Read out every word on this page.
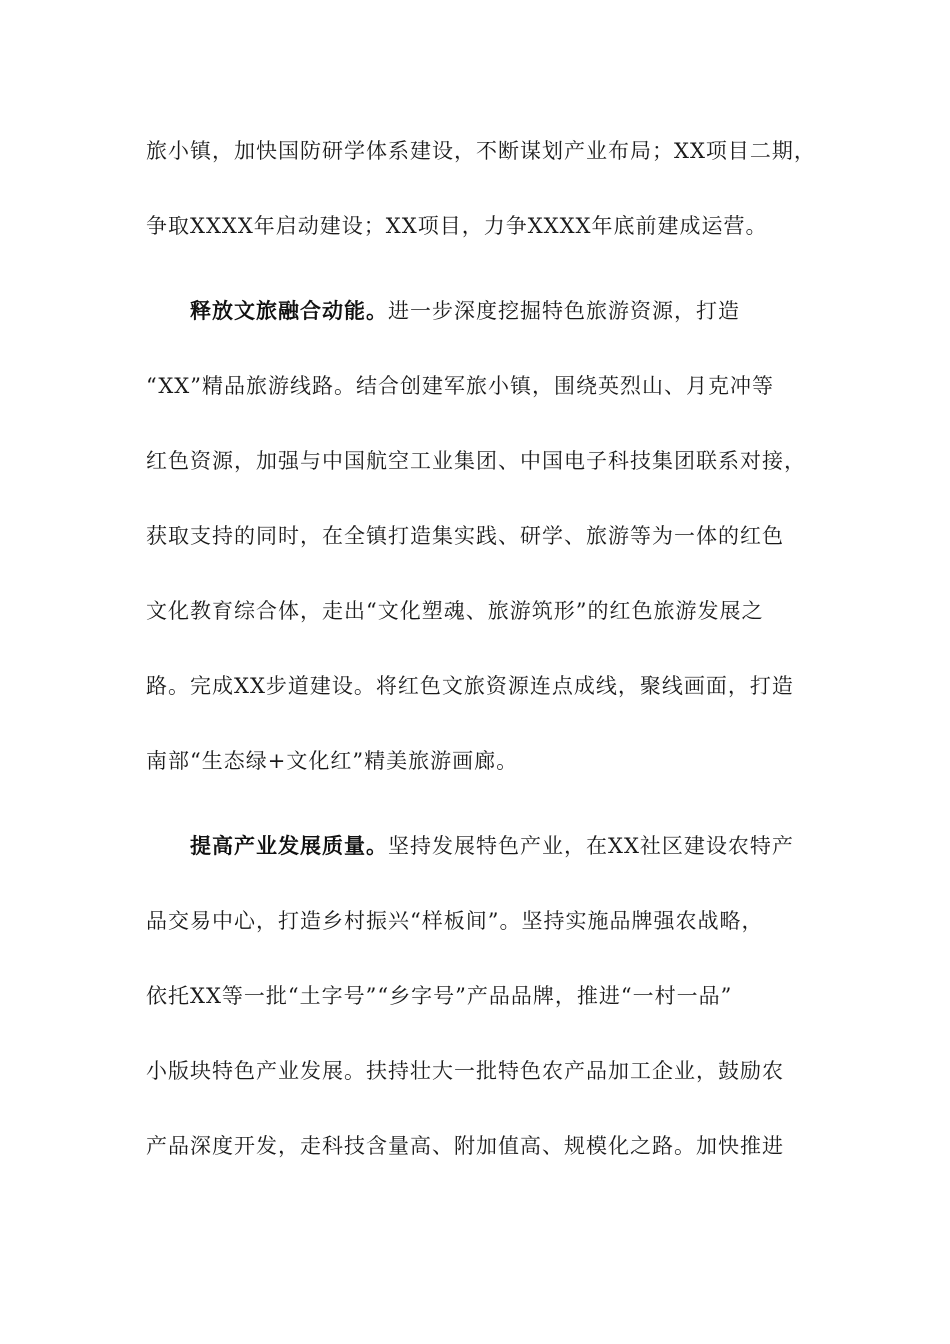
旅小镇，加快国防研学体系建设，不断谋划产业布局；XX项目二期，
争取XXXX年启动建设；XX项目，力争XXXX年底前建成运营。
释放文旅融合动能。进一步深度挖掘特色旅游资源，打造
“XX”精品旅游线路。结合创建军旅小镇，围绕英烈山、月克冲等
红色资源，加强与中国航空工业集团、中国电子科技集团联系对接，
获取支持的同时，在全镇打造集实践、研学、旅游等为一体的红色
文化教育综合体，走出“文化塑魂、旅游筑形”的红色旅游发展之
路。完成XX步道建设。将红色文旅资源连点成线，聚线画面，打造
南部“生态绿+文化红”精美旅游画廊。
提高产业发展质量。坚持发展特色产业，在XX社区建设农特产
品交易中心，打造乡村振兴“样板间”。坚持实施品牌强农战略，
依托XX等一批“土字号”“乡字号”产品品牌，推进“一村一品”
小版块特色产业发展。扶持壮大一批特色农产品加工企业，鼓励农
产品深度开发，走科技含量高、附加值高、规模化之路。加快推进
